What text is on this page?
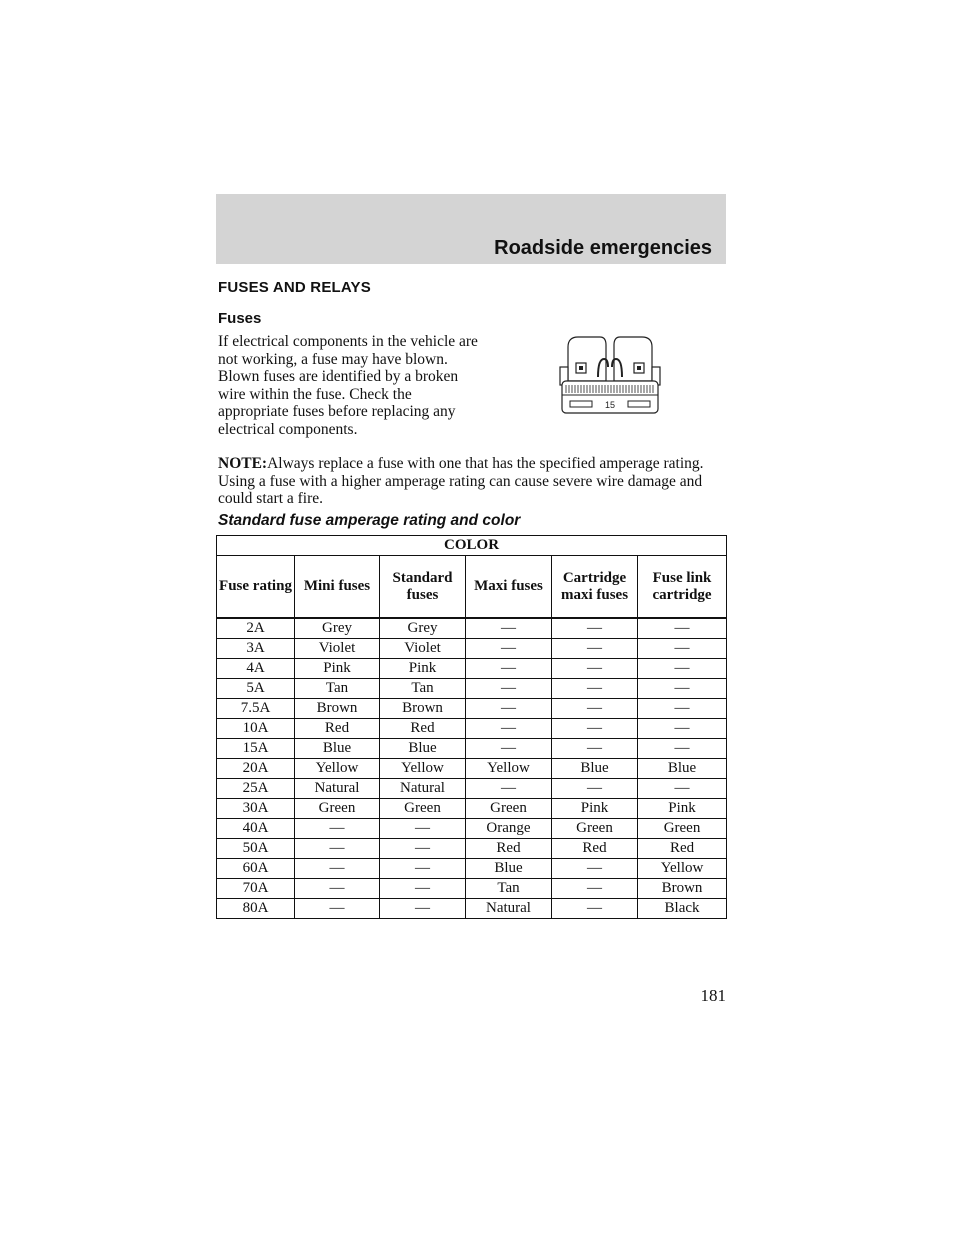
Roadside emergencies
FUSES AND RELAYS
Fuses

If electrical components in the vehicle are not working, a fuse may have blown. Blown fuses are identified by a broken wire within the fuse. Check the appropriate fuses before replacing any electrical components.

15

NOTE:Always replace a fuse with one that has the specified amperage rating. Using a fuse with a higher amperage rating can cause severe wire damage and could start a fire.

Standard fuse amperage rating and color
COLOR					
Fuse rating	Mini fuses	Standard fuses	Maxi fuses	Cartridge maxi fuses	Fuse link cartridge
2A	Grey	Grey	—	—	—
3A	Violet	Violet	—	—	—
4A	Pink	Pink	—	—	—
5A	Tan	Tan	—	—	—
7.5A	Brown	Brown	—	—	—
10A	Red	Red	—	—	—
15A	Blue	Blue	—	—	—
20A	Yellow	Yellow	Yellow	Blue	Blue
25A	Natural	Natural	—	—	—
30A	Green	Green	Green	Pink	Pink
40A	—	—	Orange	Green	Green
50A	—	—	Red	Red	Red
60A	—	—	Blue	—	Yellow
70A	—	—	Tan	—	Brown
80A	—	—	Natural	—	Black
181
